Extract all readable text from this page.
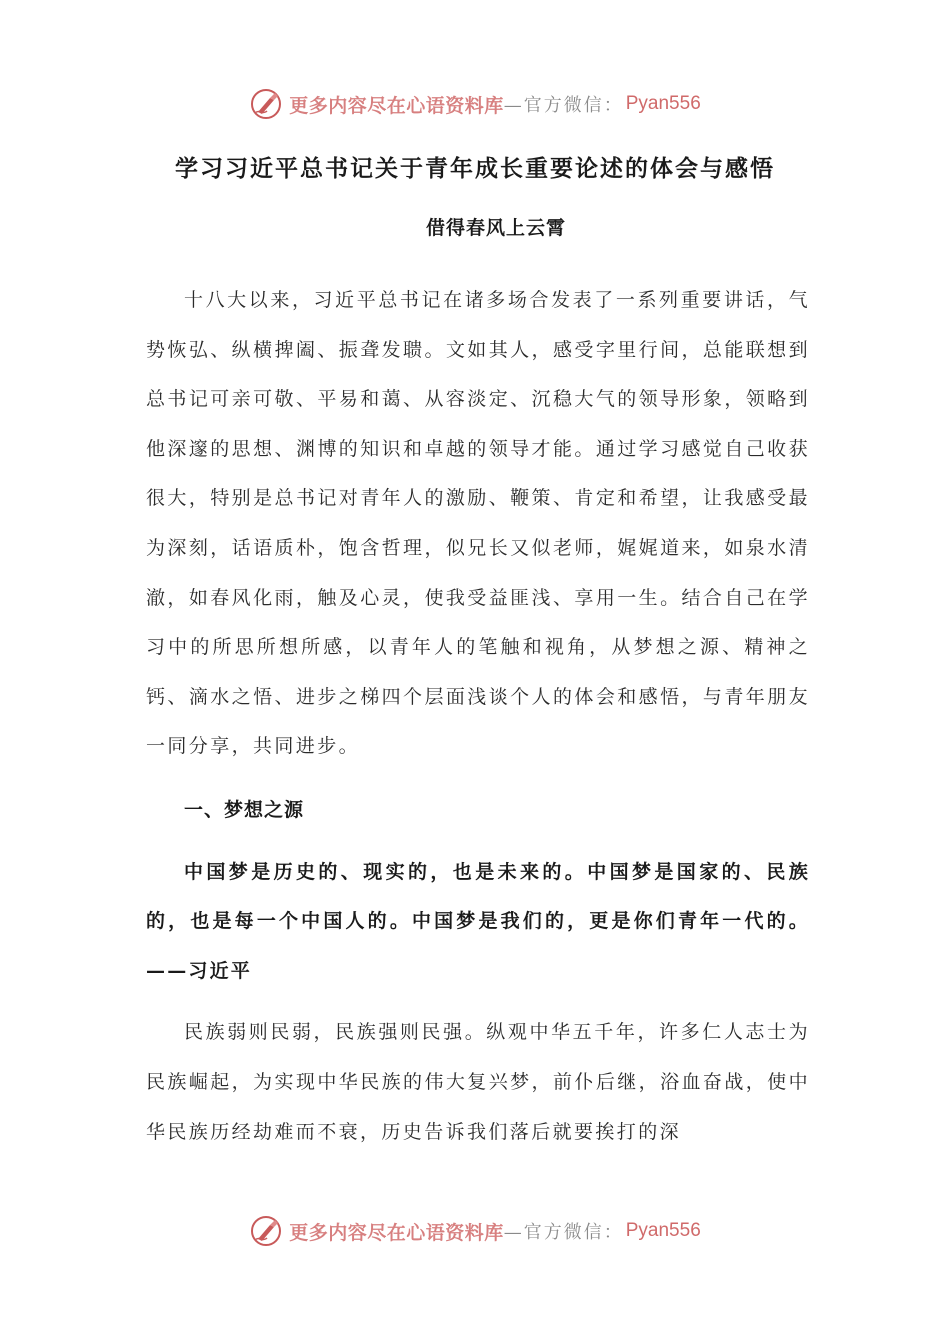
更多内容尽在心语资料库 —官方微信： Pyan556
学习习近平总书记关于青年成长重要论述的体会与感悟
借得春风上云霄

十八大以来，习近平总书记在诸多场合发表了一系列重要讲话，气势恢弘、纵横捭阖、振聋发聩。文如其人，感受字里行间，总能联想到总书记可亲可敬、平易和蔼、从容淡定、沉稳大气的领导形象，领略到他深邃的思想、渊博的知识和卓越的领导才能。通过学习感觉自己收获很大，特别是总书记对青年人的激励、鞭策、肯定和希望，让我感受最为深刻，话语质朴，饱含哲理，似兄长又似老师，娓娓道来，如泉水清澈，如春风化雨，触及心灵，使我受益匪浅、享用一生。结合自己在学习中的所思所想所感，以青年人的笔触和视角，从梦想之源、精神之钙、滴水之悟、进步之梯四个层面浅谈个人的体会和感悟，与青年朋友一同分享，共同进步。

一、梦想之源

中国梦是历史的、现实的，也是未来的。中国梦是国家的、民族的，也是每一个中国人的。中国梦是我们的，更是你们青年一代的。——习近平

民族弱则民弱，民族强则民强。纵观中华五千年，许多仁人志士为民族崛起，为实现中华民族的伟大复兴梦，前仆后继，浴血奋战，使中华民族历经劫难而不衰，历史告诉我们落后就要挨打的深

更多内容尽在心语资料库 —官方微信： Pyan556
